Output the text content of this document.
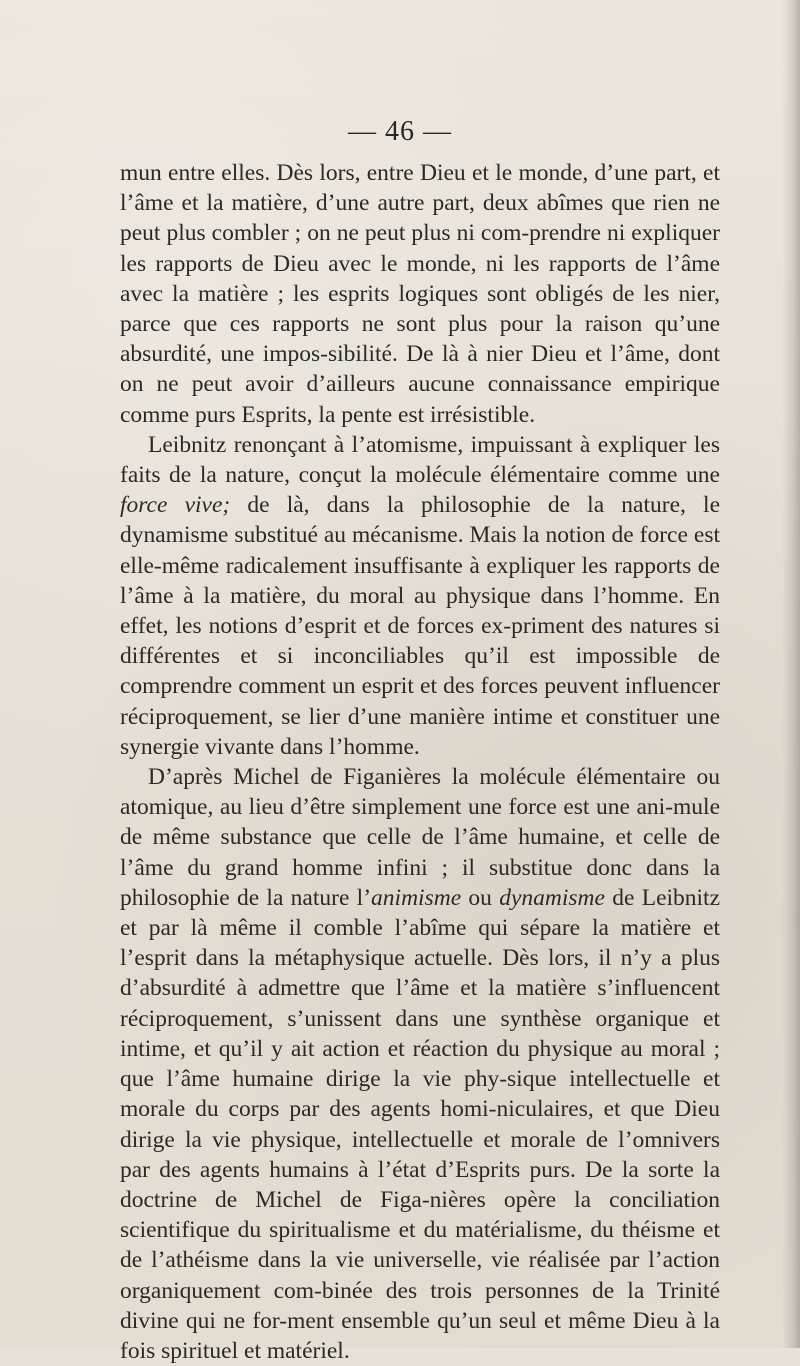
— 46 —

mun entre elles. Dès lors, entre Dieu et le monde, d’une part, et l’âme et la matière, d’une autre part, deux abîmes que rien ne peut plus combler ; on ne peut plus ni com-prendre ni expliquer les rapports de Dieu avec le monde, ni les rapports de l’âme avec la matière ; les esprits logiques sont obligés de les nier, parce que ces rapports ne sont plus pour la raison qu’une absurdité, une impos-sibilité. De là à nier Dieu et l’âme, dont on ne peut avoir d’ailleurs aucune connaissance empirique comme purs Esprits, la pente est irrésistible.

Leibnitz renonçant à l’atomisme, impuissant à expliquer les faits de la nature, conçut la molécule élémentaire comme une force vive; de là, dans la philosophie de la nature, le dynamisme substitué au mécanisme. Mais la notion de force est elle-même radicalement insuffisante à expliquer les rapports de l’âme à la matière, du moral au physique dans l’homme. En effet, les notions d’esprit et de forces ex-priment des natures si différentes et si inconciliables qu’il est impossible de comprendre comment un esprit et des forces peuvent influencer réciproquement, se lier d’une manière intime et constituer une synergie vivante dans l’homme.

D’après Michel de Figanières la molécule élémentaire ou atomique, au lieu d’être simplement une force est une ani-mule de même substance que celle de l’âme humaine, et celle de l’âme du grand homme infini ; il substitue donc dans la philosophie de la nature l’animisme ou dynamisme de Leibnitz et par là même il comble l’abîme qui sépare la matière et l’esprit dans la métaphysique actuelle. Dès lors, il n’y a plus d’absurdité à admettre que l’âme et la matière s’influencent réciproquement, s’unissent dans une synthèse organique et intime, et qu’il y ait action et réaction du physique au moral ; que l’âme humaine dirige la vie phy-sique intellectuelle et morale du corps par des agents homi-niculaires, et que Dieu dirige la vie physique, intellectuelle et morale de l’omnivers par des agents humains à l’état d’Esprits purs. De la sorte la doctrine de Michel de Figa-nières opère la conciliation scientifique du spiritualisme et du matérialisme, du théisme et de l’athéisme dans la vie universelle, vie réalisée par l’action organiquement com-binée des trois personnes de la Trinité divine qui ne for-ment ensemble qu’un seul et même Dieu à la fois spirituel et matériel.
